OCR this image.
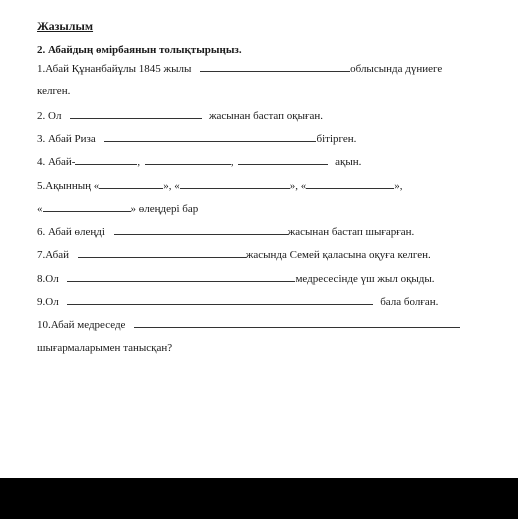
Жазылым
2. Абайдың өмірбаянын толықтырыңыз.
1.Абай Құнанбайұлы 1845 жылы	облысында дүниеге
келген.
2. Ол	жасынан бастап оқыған.
3. Абай Риза	бітірген.
4. Абай-	,	,	ақын.
5.Ақынның «	», «	», «	»,
«	» өлеңдері бар
6. Абай өлеңді	жасынан бастап шығарған.
7.Абай	жасында Семей қаласына оқуға келген.
8.Ол	медресесінде үш жыл оқыды.
9.Ол	бала болған.
10.Абай медреседе
шығармаларымен танысқан?
